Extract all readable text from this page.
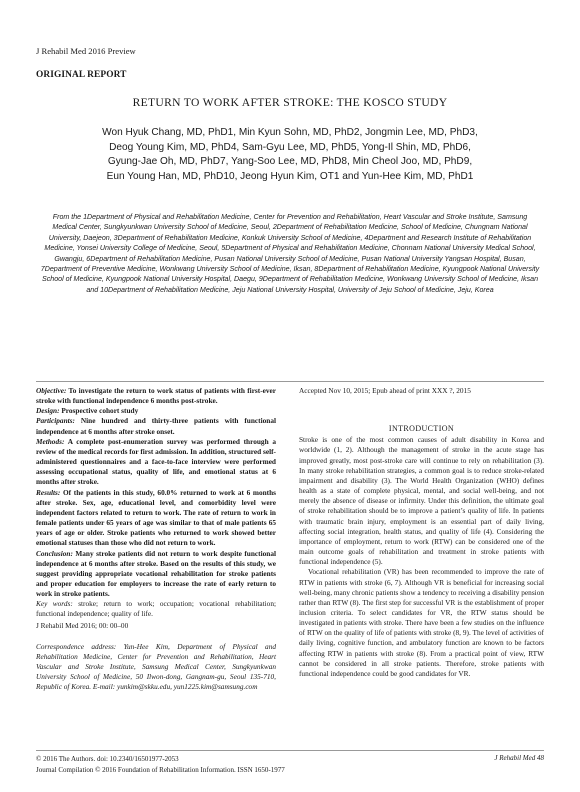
J Rehabil Med 2016 Preview
ORIGINAL REPORT
RETURN TO WORK AFTER STROKE: THE KOSCO STUDY
Won Hyuk Chang, MD, PhD1, Min Kyun Sohn, MD, PhD2, Jongmin Lee, MD, PhD3,
Deog Young Kim, MD, PhD4, Sam-Gyu Lee, MD, PhD5, Yong-Il Shin, MD, PhD6,
Gyung-Jae Oh, MD, PhD7, Yang-Soo Lee, MD, PhD8, Min Cheol Joo, MD, PhD9,
Eun Young Han, MD, PhD10, Jeong Hyun Kim, OT1 and Yun-Hee Kim, MD, PhD1
From the 1Department of Physical and Rehabilitation Medicine, Center for Prevention and Rehabilitation, Heart Vascular and Stroke Institute, Samsung Medical Center, Sungkyunkwan University School of Medicine, Seoul, 2Department of Rehabilitation Medicine, School of Medicine, Chungnam National University, Daejeon, 3Department of Rehabilitation Medicine, Konkuk University School of Medicine, 4Department and Research Institute of Rehabilitation Medicine, Yonsei University College of Medicine, Seoul, 5Department of Physical and Rehabilitation Medicine, Chonnam National University Medical School, Gwangju, 6Department of Rehabilitation Medicine, Pusan National University School of Medicine, Pusan National University Yangsan Hospital, Busan, 7Department of Preventive Medicine, Wonkwang University School of Medicine, Iksan, 8Department of Rehabilitation Medicine, Kyungpook National University School of Medicine, Kyungpook National University Hospital, Daegu, 9Department of Rehabilitation Medicine, Wonkwang University School of Medicine, Iksan and 10Department of Rehabilitation Medicine, Jeju National University Hospital, University of Jeju School of Medicine, Jeju, Korea

Objective: To investigate the return to work status of patients with first-ever stroke with functional independence 6 months post-stroke.

Design: Prospective cohort study

Participants: Nine hundred and thirty-three patients with functional independence at 6 months after stroke onset.

Methods: A complete post-enumeration survey was performed through a review of the medical records for first admission. In addition, structured self-administered questionnaires and a face-to-face interview were performed assessing occupational status, quality of life, and emotional status at 6 months after stroke.

Results: Of the patients in this study, 60.0% returned to work at 6 months after stroke. Sex, age, educational level, and comorbidity level were independent factors related to return to work. The rate of return to work in female patients under 65 years of age was similar to that of male patients 65 years of age or older. Stroke patients who returned to work showed better emotional statuses than those who did not return to work.

Conclusion: Many stroke patients did not return to work despite functional independence at 6 months after stroke. Based on the results of this study, we suggest providing appropriate vocational rehabilitation for stroke patients and proper education for employers to increase the rate of early return to work in stroke patients.

Key words: stroke; return to work; occupation; vocational rehabilitation; functional independence; quality of life.

J Rehabil Med 2016; 00: 00–00
Correspondence address: Yun-Hee Kim, Department of Physical and Rehabilitation Medicine, Center for Prevention and Rehabilitation, Heart Vascular and Stroke Institute, Samsung Medical Center, Sungkyunkwan University School of Medicine, 50 Ilwon-dong, Gangnam-gu, Seoul 135-710, Republic of Korea. E-mail: yunkim@skku.edu, yun1225.kim@samsung.com
Accepted Nov 10, 2015; Epub ahead of print XXX ?, 2015
INTRODUCTION

Stroke is one of the most common causes of adult disability in Korea and worldwide (1, 2). Although the management of stroke in the acute stage has improved greatly, most post-stroke care will continue to rely on rehabilitation (3). In many stroke rehabilitation strategies, a common goal is to reduce stroke-related impairment and disability (3). The World Health Organization (WHO) defines health as a state of complete physical, mental, and social well-being, and not merely the absence of disease or infirmity. Under this definition, the ultimate goal of stroke rehabilitation should be to improve a patient’s quality of life. In patients with traumatic brain injury, employment is an essential part of daily living, affecting social integration, health status, and quality of life (4). Considering the importance of employment, return to work (RTW) can be considered one of the main outcome goals of rehabilitation and treatment in stroke patients with functional independence (5).

Vocational rehabilitation (VR) has been recommended to improve the rate of RTW in patients with stroke (6, 7). Although VR is beneficial for increasing social well-being, many chronic patients show a tendency to receiving a disability pension rather than RTW (8). The first step for successful VR is the establishment of proper inclusion criteria. To select candidates for VR, the RTW status should be investigated in patients with stroke. There have been a few studies on the influence of RTW on the quality of life of patients with stroke (8, 9). The level of activities of daily living, cognitive function, and ambulatory function are known to be factors affecting RTW in patients with stroke (8). From a practical point of view, RTW cannot be considered in all stroke patients. Therefore, stroke patients with functional independence could be good candidates for VR.

© 2016 The Authors. doi: 10.2340/16501977-2053
Journal Compilation © 2016 Foundation of Rehabilitation Information. ISSN 1650-1977
J Rehabil Med 48
